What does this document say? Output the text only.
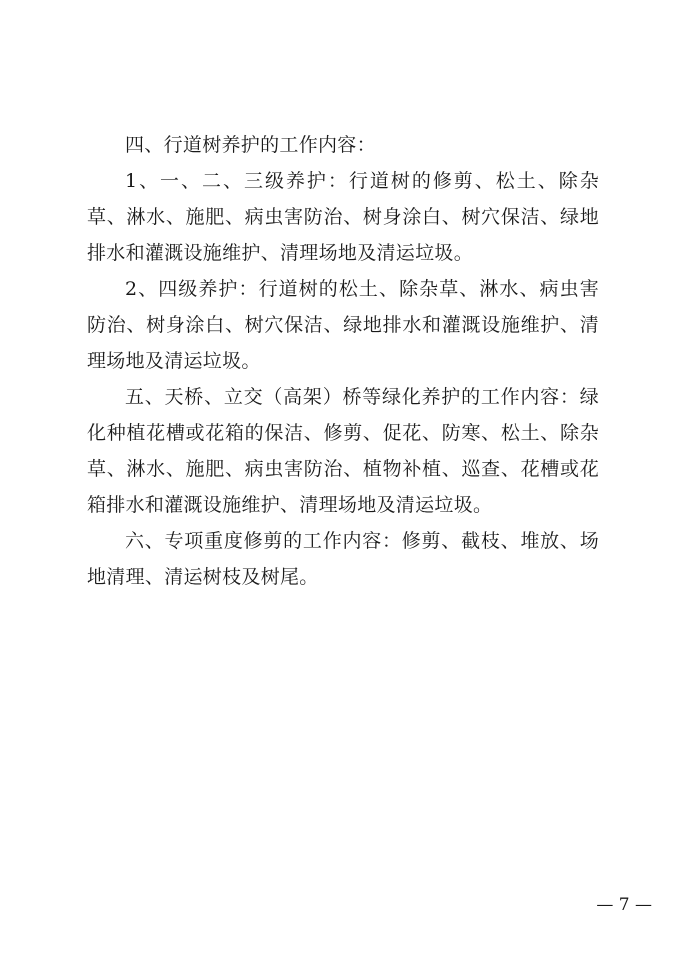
四、行道树养护的工作内容：

1、一、二、三级养护：行道树的修剪、松土、除杂草、淋水、施肥、病虫害防治、树身涂白、树穴保洁、绿地排水和灌溉设施维护、清理场地及清运垃圾。

2、四级养护：行道树的松土、除杂草、淋水、病虫害防治、树身涂白、树穴保洁、绿地排水和灌溉设施维护、清理场地及清运垃圾。

五、天桥、立交（高架）桥等绿化养护的工作内容：绿化种植花槽或花箱的保洁、修剪、促花、防寒、松土、除杂草、淋水、施肥、病虫害防治、植物补植、巡查、花槽或花箱排水和灌溉设施维护、清理场地及清运垃圾。

六、专项重度修剪的工作内容：修剪、截枝、堆放、场地清理、清运树枝及树尾。

— 7 —
